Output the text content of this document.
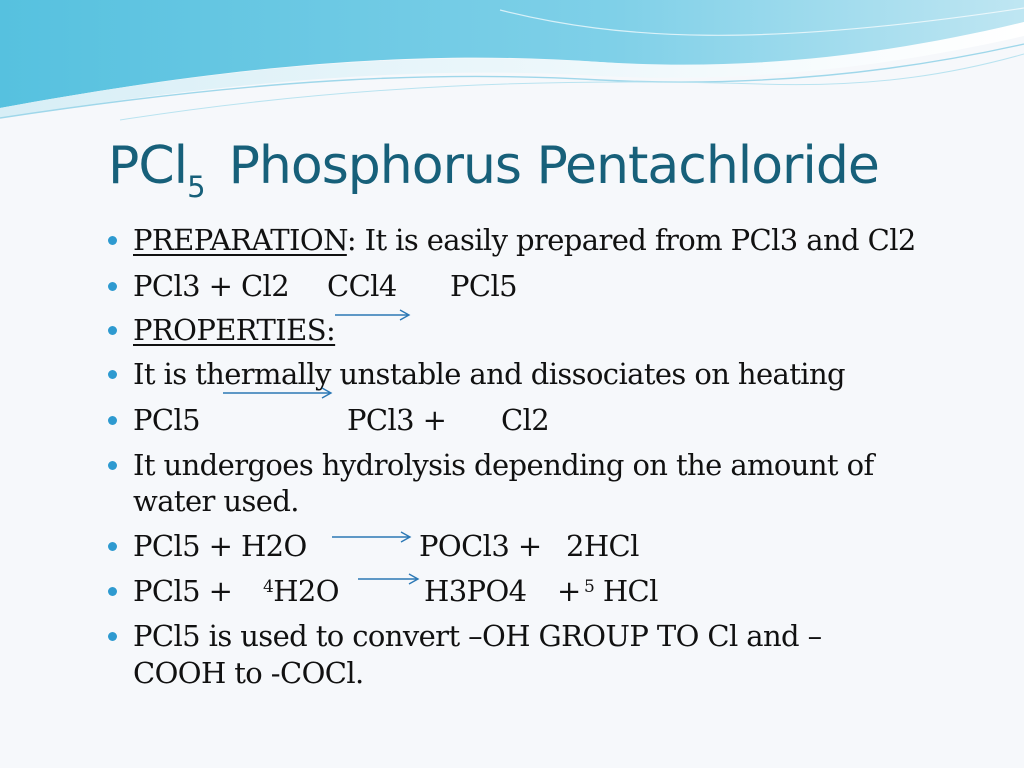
PCl$_5$ Phosphorus Pentachloride
PREPARATION: It is easily prepared from PCl3 and Cl2
PCl3 + Cl2 CCl4 PCl5
PROPERTIES:
It is thermally unstable and dissociates on heating
PCl5	PCl3 + Cl2
It undergoes hydrolysis depending on the amount of
water used.
PCl5 + H2O	POCl3 + 2HCl
PCl5 + $^4$H2O	H3PO4 + $^5$ HCl
PCl5 is used to convert –OH GROUP TO Cl and –
COOH to -COCl.
